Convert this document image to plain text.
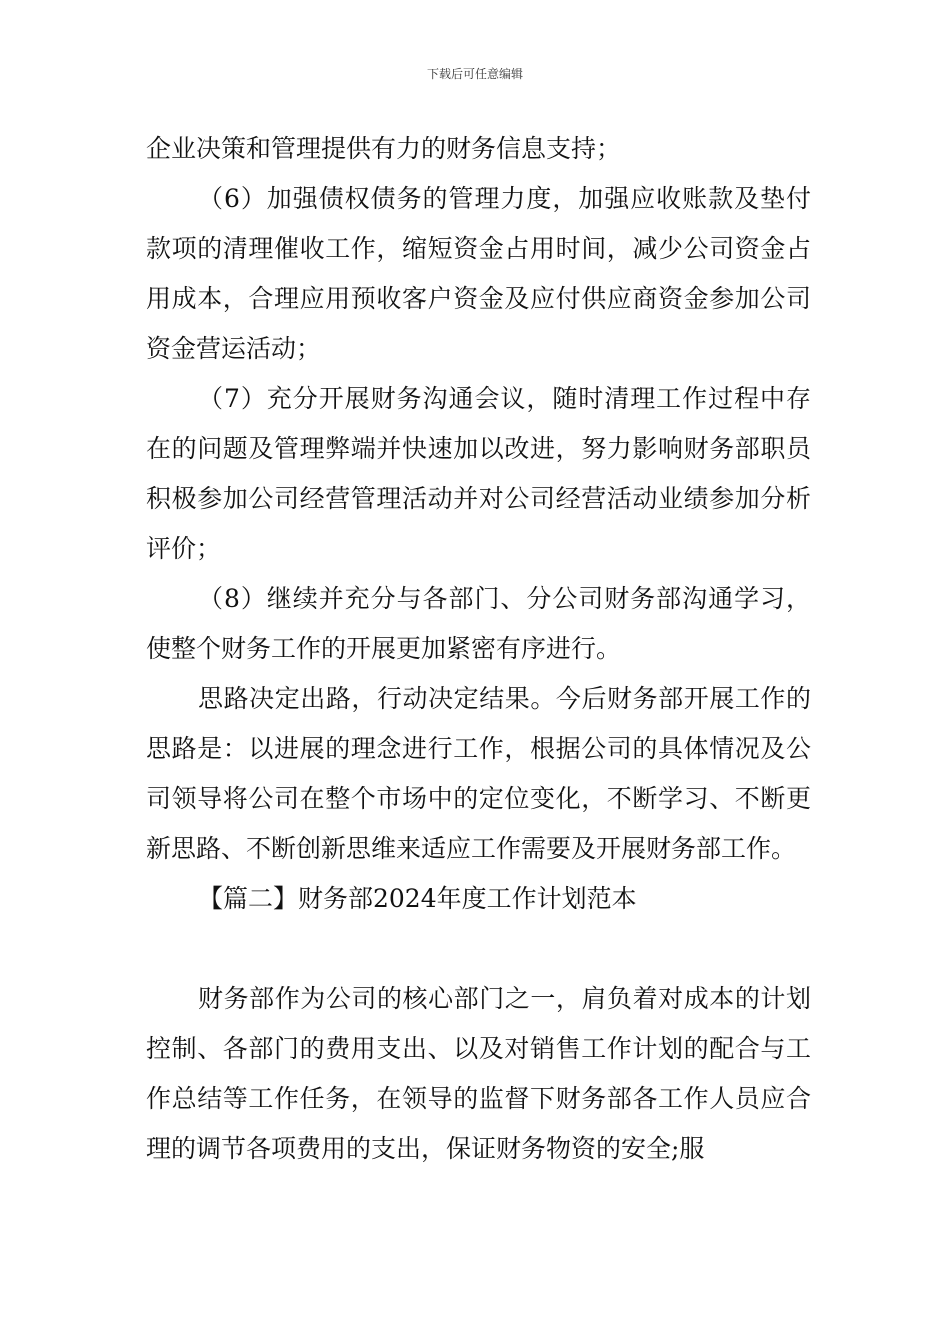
下载后可任意编辑

企业决策和管理提供有力的财务信息支持；

（6）加强债权债务的管理力度，加强应收账款及垫付款项的清理催收工作，缩短资金占用时间，减少公司资金占用成本，合理应用预收客户资金及应付供应商资金参加公司资金营运活动；

（7）充分开展财务沟通会议，随时清理工作过程中存在的问题及管理弊端并快速加以改进，努力影响财务部职员积极参加公司经营管理活动并对公司经营活动业绩参加分析评价；

（8）继续并充分与各部门、分公司财务部沟通学习，使整个财务工作的开展更加紧密有序进行。

思路决定出路，行动决定结果。今后财务部开展工作的思路是：以进展的理念进行工作，根据公司的具体情况及公司领导将公司在整个市场中的定位变化，不断学习、不断更新思路、不断创新思维来适应工作需要及开展财务部工作。

【篇二】财务部2024年度工作计划范本

财务部作为公司的核心部门之一，肩负着对成本的计划控制、各部门的费用支出、以及对销售工作计划的配合与工作总结等工作任务，在领导的监督下财务部各工作人员应合理的调节各项费用的支出，保证财务物资的安全;服
